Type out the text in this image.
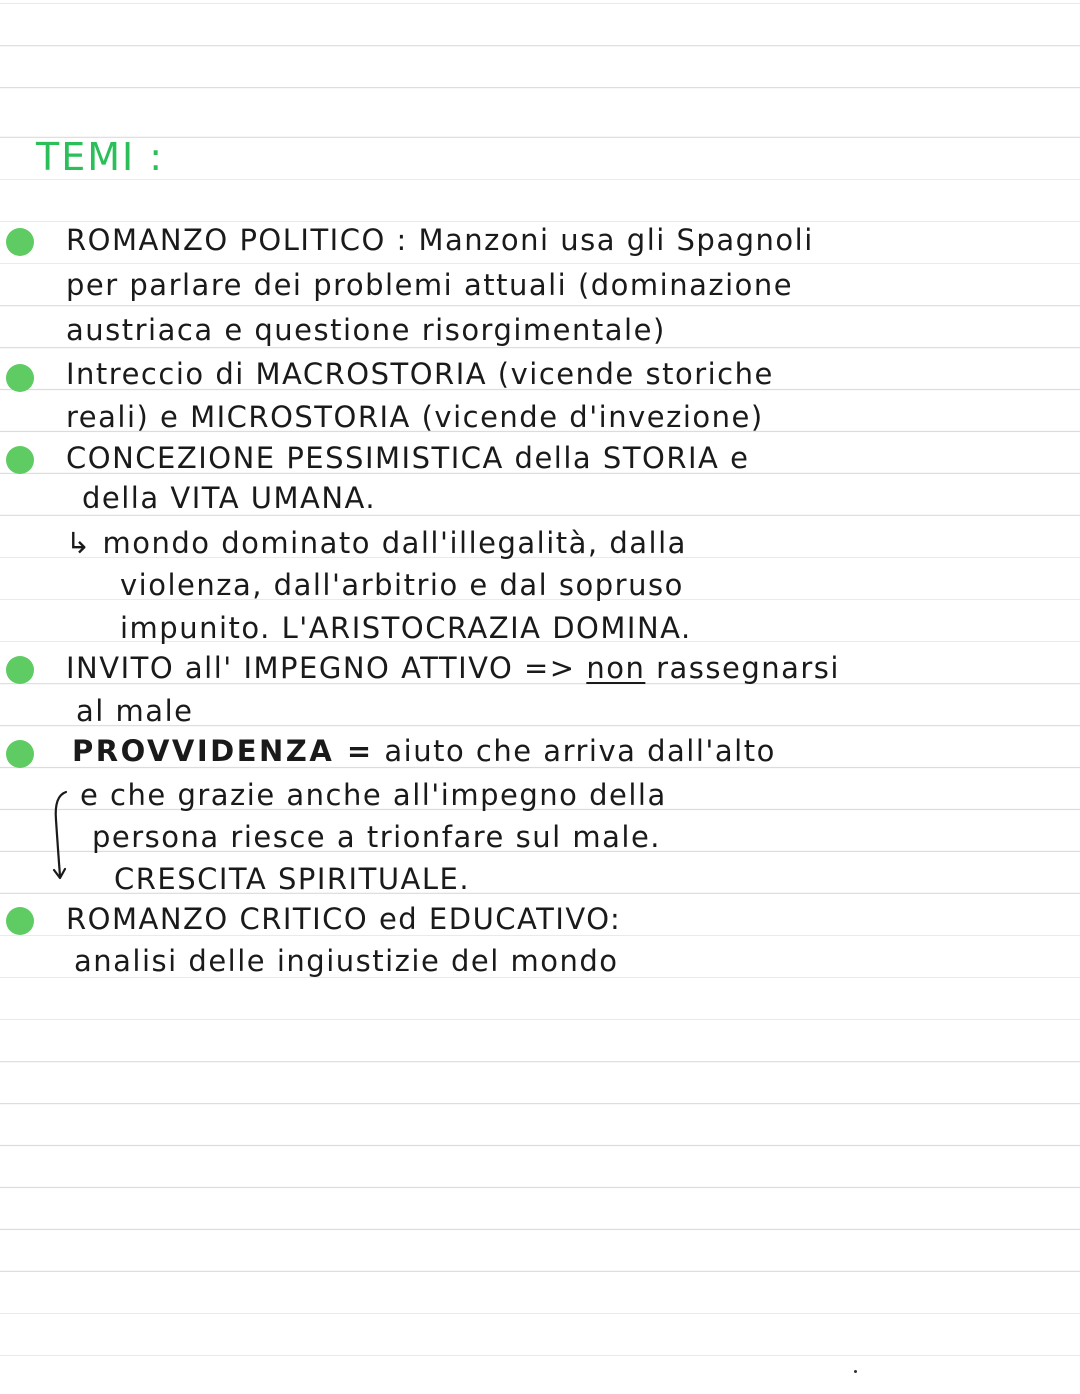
TEMI :
ROMANZO POLITICO : Manzoni usa gli Spagnoli
per parlare dei problemi attuali (dominazione
austriaca e questione risorgimentale)
Intreccio di MACROSTORIA (vicende storiche
reali) e MICROSTORIA (vicende d'invezione)
CONCEZIONE PESSIMISTICA della STORIA e
della VITA UMANA.
↳ mondo dominato dall'illegalità, dalla
violenza, dall'arbitrio e dal sopruso
impunito. L'ARISTOCRAZIA DOMINA.
INVITO all' IMPEGNO ATTIVO => non rassegnarsi
al male
PROVVIDENZA = aiuto che arriva dall'alto
e che grazie anche all'impegno della
persona riesce a trionfare sul male.
CRESCITA SPIRITUALE.
ROMANZO CRITICO ed EDUCATIVO:
analisi delle ingiustizie del mondo
